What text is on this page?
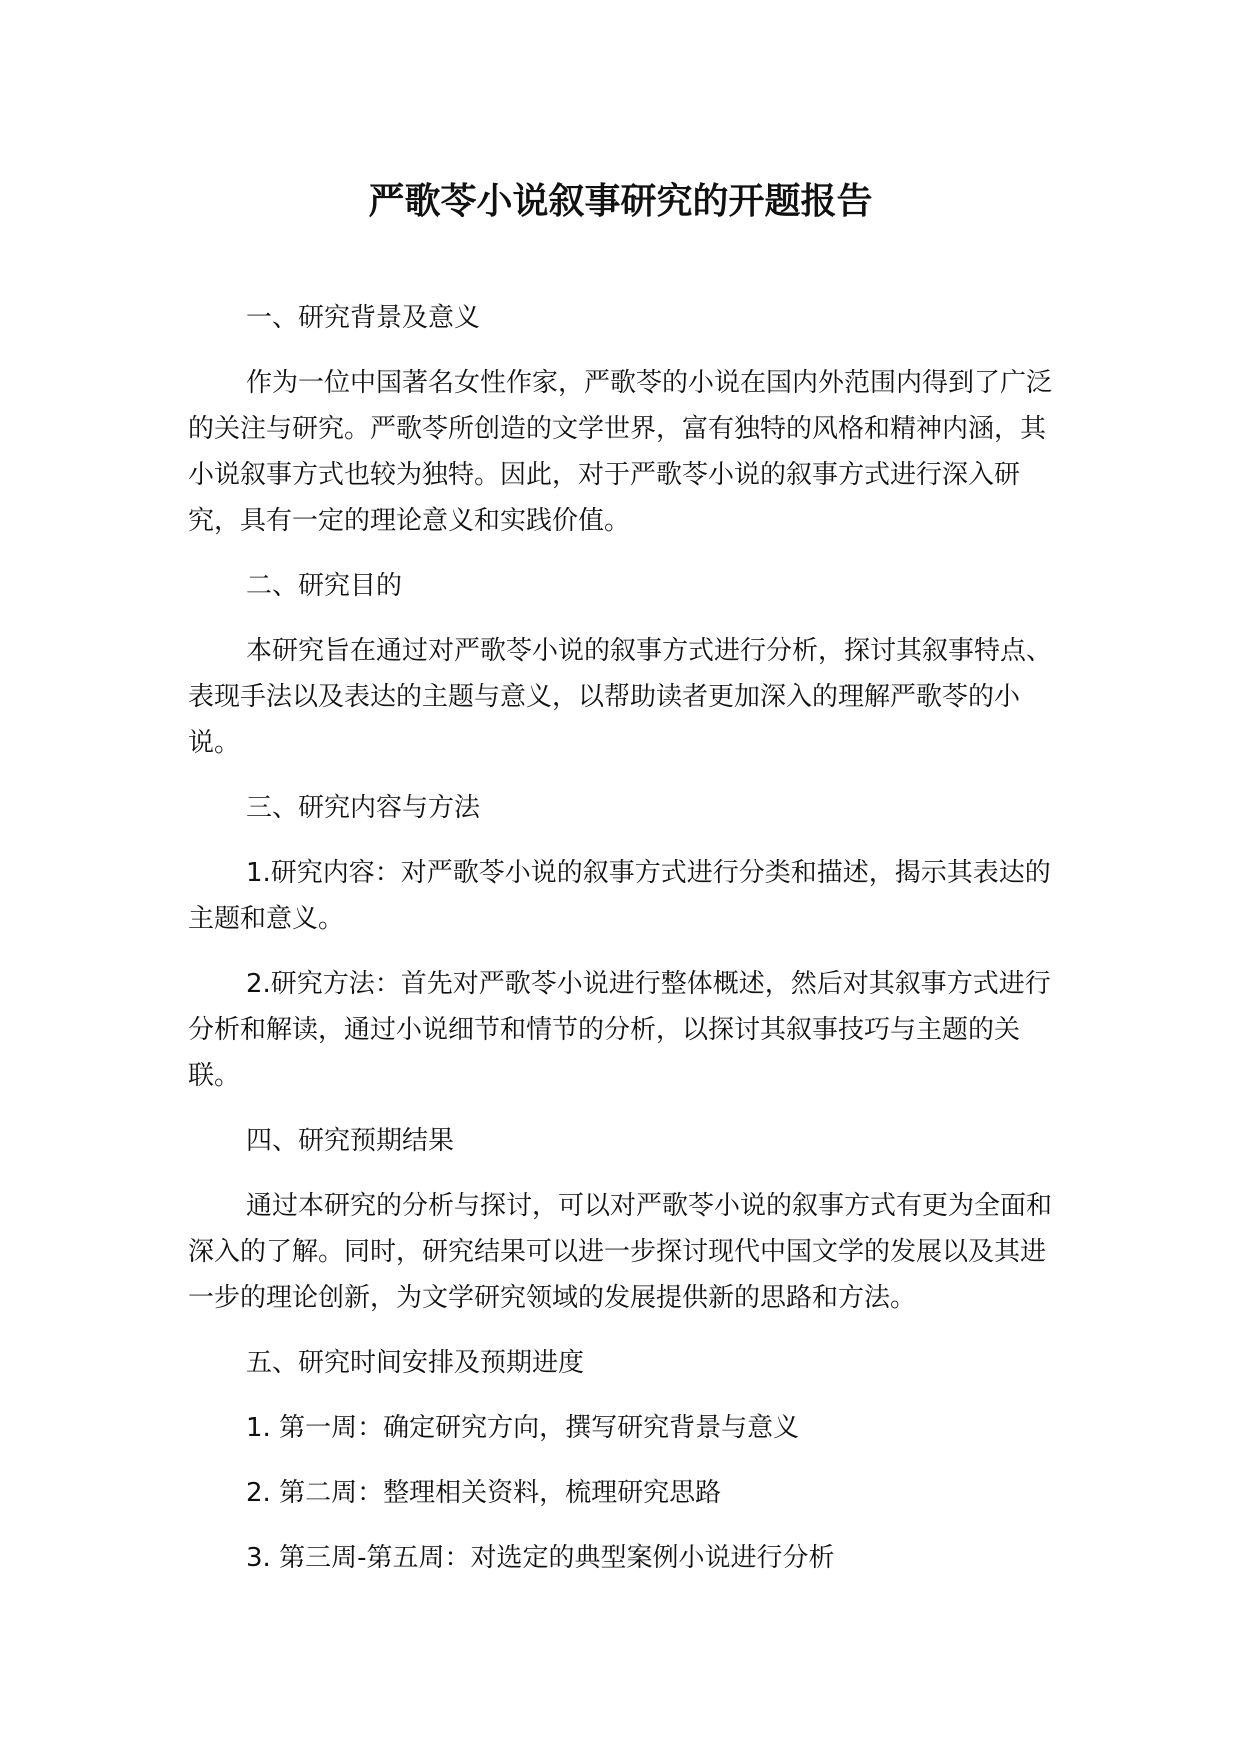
严歌苓小说叙事研究的开题报告

一、研究背景及意义

作为一位中国著名女性作家，严歌苓的小说在国内外范围内得到了广泛的关注与研究。严歌苓所创造的文学世界，富有独特的风格和精神内涵，其小说叙事方式也较为独特。因此，对于严歌苓小说的叙事方式进行深入研究，具有一定的理论意义和实践价值。

二、研究目的

本研究旨在通过对严歌苓小说的叙事方式进行分析，探讨其叙事特点、表现手法以及表达的主题与意义，以帮助读者更加深入的理解严歌苓的小说。

三、研究内容与方法

1.研究内容：对严歌苓小说的叙事方式进行分类和描述，揭示其表达的主题和意义。

2.研究方法：首先对严歌苓小说进行整体概述，然后对其叙事方式进行分析和解读，通过小说细节和情节的分析，以探讨其叙事技巧与主题的关联。

四、研究预期结果

通过本研究的分析与探讨，可以对严歌苓小说的叙事方式有更为全面和深入的了解。同时，研究结果可以进一步探讨现代中国文学的发展以及其进一步的理论创新，为文学研究领域的发展提供新的思路和方法。

五、研究时间安排及预期进度

1. 第一周：确定研究方向，撰写研究背景与意义

2. 第二周：整理相关资料，梳理研究思路

3. 第三周-第五周：对选定的典型案例小说进行分析
